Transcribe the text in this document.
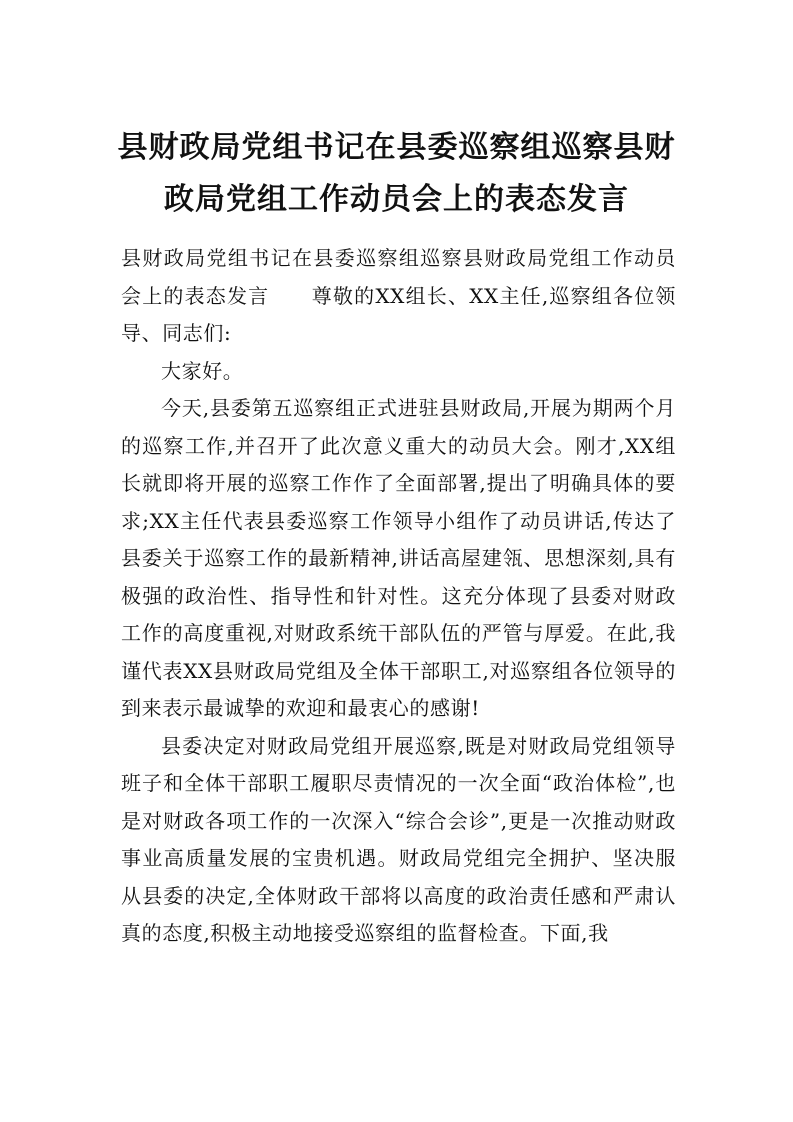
县财政局党组书记在县委巡察组巡察县财
政局党组工作动员会上的表态发言

县财政局党组书记在县委巡察组巡察县财政局党组工作动员会上的表态发言　　尊敬的XX组长、XX主任,巡察组各位领导、同志们:

大家好。

今天,县委第五巡察组正式进驻县财政局,开展为期两个月的巡察工作,并召开了此次意义重大的动员大会。刚才,XX组长就即将开展的巡察工作作了全面部署,提出了明确具体的要求;XX主任代表县委巡察工作领导小组作了动员讲话,传达了县委关于巡察工作的最新精神,讲话高屋建瓴、思想深刻,具有极强的政治性、指导性和针对性。这充分体现了县委对财政工作的高度重视,对财政系统干部队伍的严管与厚爱。在此,我谨代表XX县财政局党组及全体干部职工,对巡察组各位领导的到来表示最诚挚的欢迎和最衷心的感谢!

县委决定对财政局党组开展巡察,既是对财政局党组领导班子和全体干部职工履职尽责情况的一次全面“政治体检”,也是对财政各项工作的一次深入“综合会诊”,更是一次推动财政事业高质量发展的宝贵机遇。财政局党组完全拥护、坚决服从县委的决定,全体财政干部将以高度的政治责任感和严肃认真的态度,积极主动地接受巡察组的监督检查。下面,我
